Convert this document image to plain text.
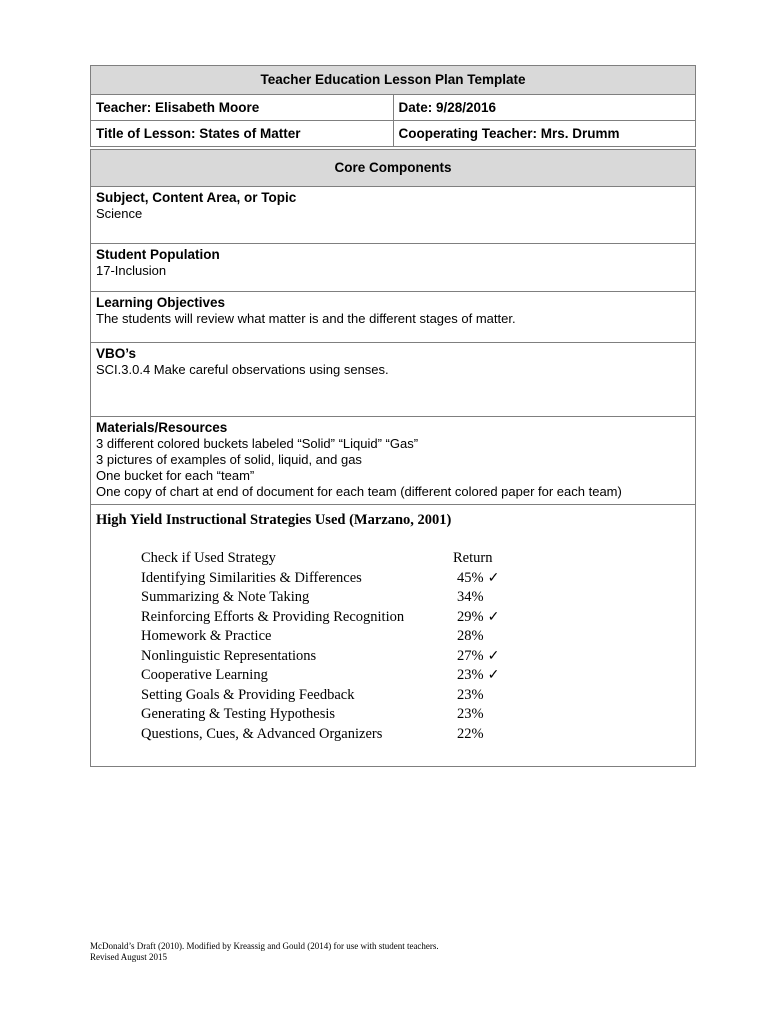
Teacher Education Lesson Plan Template	
Teacher: Elisabeth Moore	Date: 9/28/2016
Title of Lesson: States of Matter	Cooperating Teacher: Mrs. Drumm
Core Components

Subject, Content Area, or Topic
Science

Student Population
17-Inclusion

Learning Objectives
The students will review what matter is and the different stages of matter.

VBO’s
SCI.3.0.4 Make careful observations using senses.

Materials/Resources
3 different colored buckets labeled “Solid” “Liquid” “Gas”
3 pictures of examples of solid, liquid, and gas
One bucket for each “team”
One copy of chart at end of document for each team (different colored paper for each team)

High Yield Instructional Strategies Used (Marzano, 2001)
Check if Used Strategy	Return
Identifying Similarities & Differences	45% ✓
Summarizing & Note Taking	34%
Reinforcing Efforts & Providing Recognition	29% ✓
Homework & Practice	28%
Nonlinguistic Representations	27% ✓
Cooperative Learning	23% ✓
Setting Goals & Providing Feedback	23%
Generating & Testing Hypothesis	23%
Questions, Cues, & Advanced Organizers	22%
McDonald’s Draft (2010). Modified by Kreassig and Gould (2014) for use with student teachers.
Revised August 2015
